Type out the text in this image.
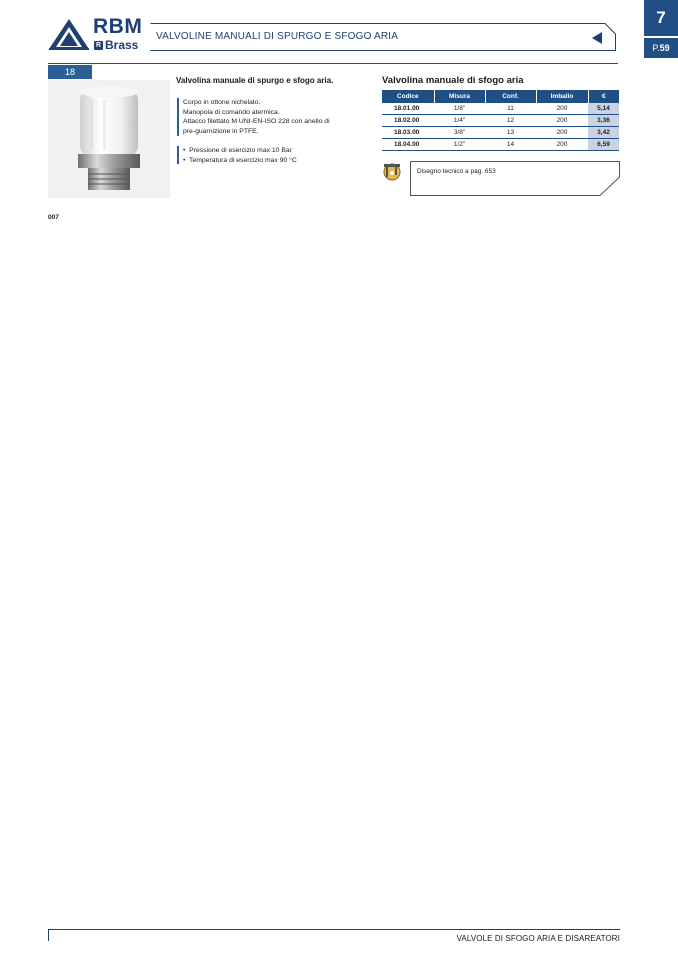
RBM
R Brass
VALVOLINE MANUALI DI SPURGO E SFOGO ARIA
7
P.59
18
Valvolina manuale di spurgo e sfogo aria.
Corpo in ottone nichelato.
Manopola di comando atermica.
Attacco filettato M UNI-EN-ISO 228 con anello di
pre-guarnizione in PTFE.
•  Pressione di esercizio max 10 Bar
•  Temperatura di esercizio max 90 °C
Valvolina manuale di sfogo aria
Codice	Misura	Conf.	Imballo	€
18.01.00	1/8"	11	200	5,14
18.02.00	1/4"	12	200	3,36
18.03.00	3/8"	13	200	3,42
18.04.00	1/2"	14	200	6,59
Disegno tecnico a pag. 653
007
VALVOLE DI SFOGO ARIA E DISAREATORI
